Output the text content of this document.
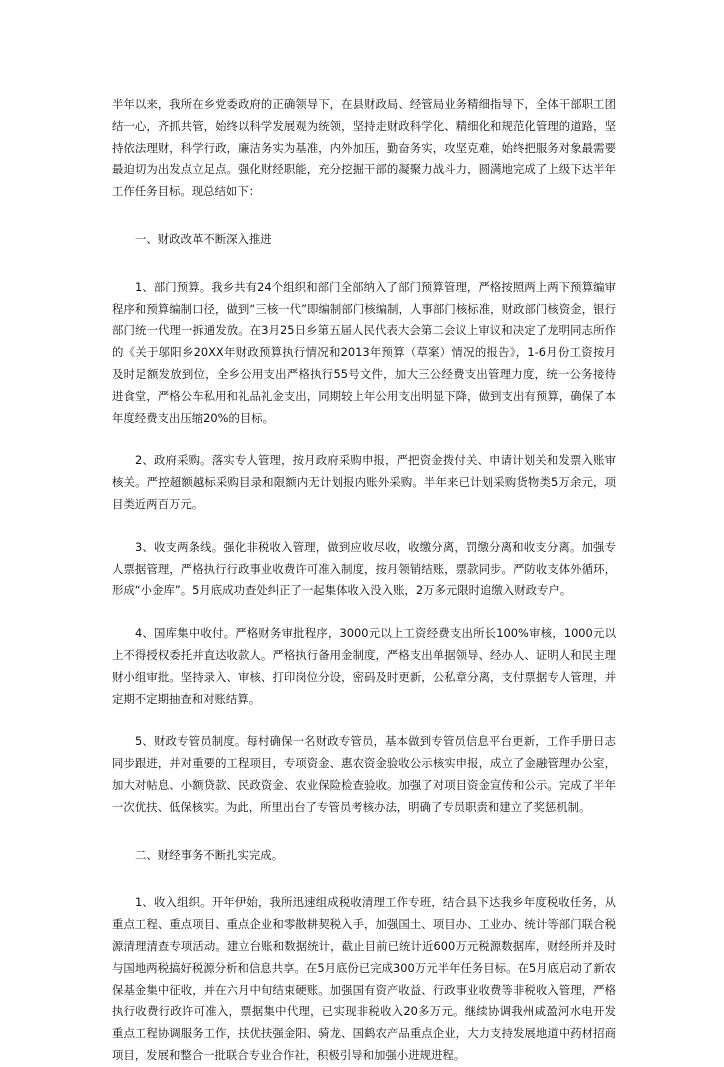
半年以来，我所在乡党委政府的正确领导下，在县财政局、经管局业务精细指导下，全体干部职工团结一心，齐抓共管，始终以科学发展观为统领，坚持走财政科学化、精细化和规范化管理的道路，坚持依法理财，科学行政，廉洁务实为基准，内外加压，勤奋务实，攻坚克难，始终把服务对象最需要最迫切为出发点立足点。强化财经职能，充分挖掘干部的凝聚力战斗力，圆满地完成了上级下达半年工作任务目标。现总结如下：

一、财政改革不断深入推进

1、部门预算。我乡共有24个组织和部门全部纳入了部门预算管理，严格按照两上两下预算编审程序和预算编制口径，做到“三核一代”即编制部门核编制，人事部门核标准，财政部门核资金，银行部门统一代理一拆通发放。在3月25日乡第五届人民代表大会第二会议上审议和决定了龙明同志所作的《关于邬阳乡20XX年财政预算执行情况和2013年预算（草案）情况的报告》，1-6月份工资按月及时足额发放到位，全乡公用支出严格执行55号文件，加大三公经费支出管理力度，统一公务接待进食堂，严格公车私用和礼品礼金支出，同期较上年公用支出明显下降，做到支出有预算，确保了本年度经费支出压缩20%的目标。

2、政府采购。落实专人管理，按月政府采购申报，严把资金拨付关、申请计划关和发票入账审核关。严控超额越标采购目录和限额内无计划报内账外采购。半年来已计划采购货物类5万余元，项目类近两百万元。

3、收支两条线。强化非税收入管理，做到应收尽收，收缴分离，罚缴分离和收支分离。加强专人票据管理，严格执行行政事业收费许可准入制度，按月领销结账，票款同步。严防收支体外循环，形成“小金库”。5月底成功查处纠正了一起集体收入没入账，2万多元限时追缴入财政专户。

4、国库集中收付。严格财务审批程序，3000元以上工资经费支出所长100%审核，1000元以上不得授权委托并直达收款人。严格执行备用金制度，严格支出单据领导、经办人、证明人和民主理财小组审批。坚持录入、审核、打印岗位分设，密码及时更新，公私章分离，支付票据专人管理，并定期不定期抽查和对账结算。

5、财政专管员制度。每村确保一名财政专管员，基本做到专管员信息平台更新，工作手册日志同步跟进，并对重要的工程项目，专项资金、惠农资金验收公示核实申报，成立了金融管理办公室，加大对帖息、小额贷款、民政资金、农业保险检查验收。加强了对项目资金宣传和公示。完成了半年一次优扶、低保核实。为此，所里出台了专管员考核办法，明确了专员职责和建立了奖惩机制。

二、财经事务不断扎实完成。

1、收入组织。开年伊始，我所迅速组成税收清理工作专班，结合县下达我乡年度税收任务，从重点工程、重点项目、重点企业和零散耕契税入手，加强国土、项目办、工业办、统计等部门联合税源清理清查专项活动。建立台账和数据统计，截止目前已统计近600万元税源数据库，财经所并及时与国地两税搞好税源分析和信息共享。在5月底份已完成300万元半年任务目标。在5月底启动了新农保基金集中征收，并在六月中旬结束硬账。加强国有资产收益、行政事业收费等非税收入管理，严格执行收费行政许可准入，票据集中代理，已实现非税收入20多万元。继续协调我州咸盈河水电开发重点工程协调服务工作，扶优扶强金阳、骑龙、国鹤农产品重点企业，大力支持发展地道中药材招商项目，发展和整合一批联合专业合作社，积极引导和加强小进规进程。
